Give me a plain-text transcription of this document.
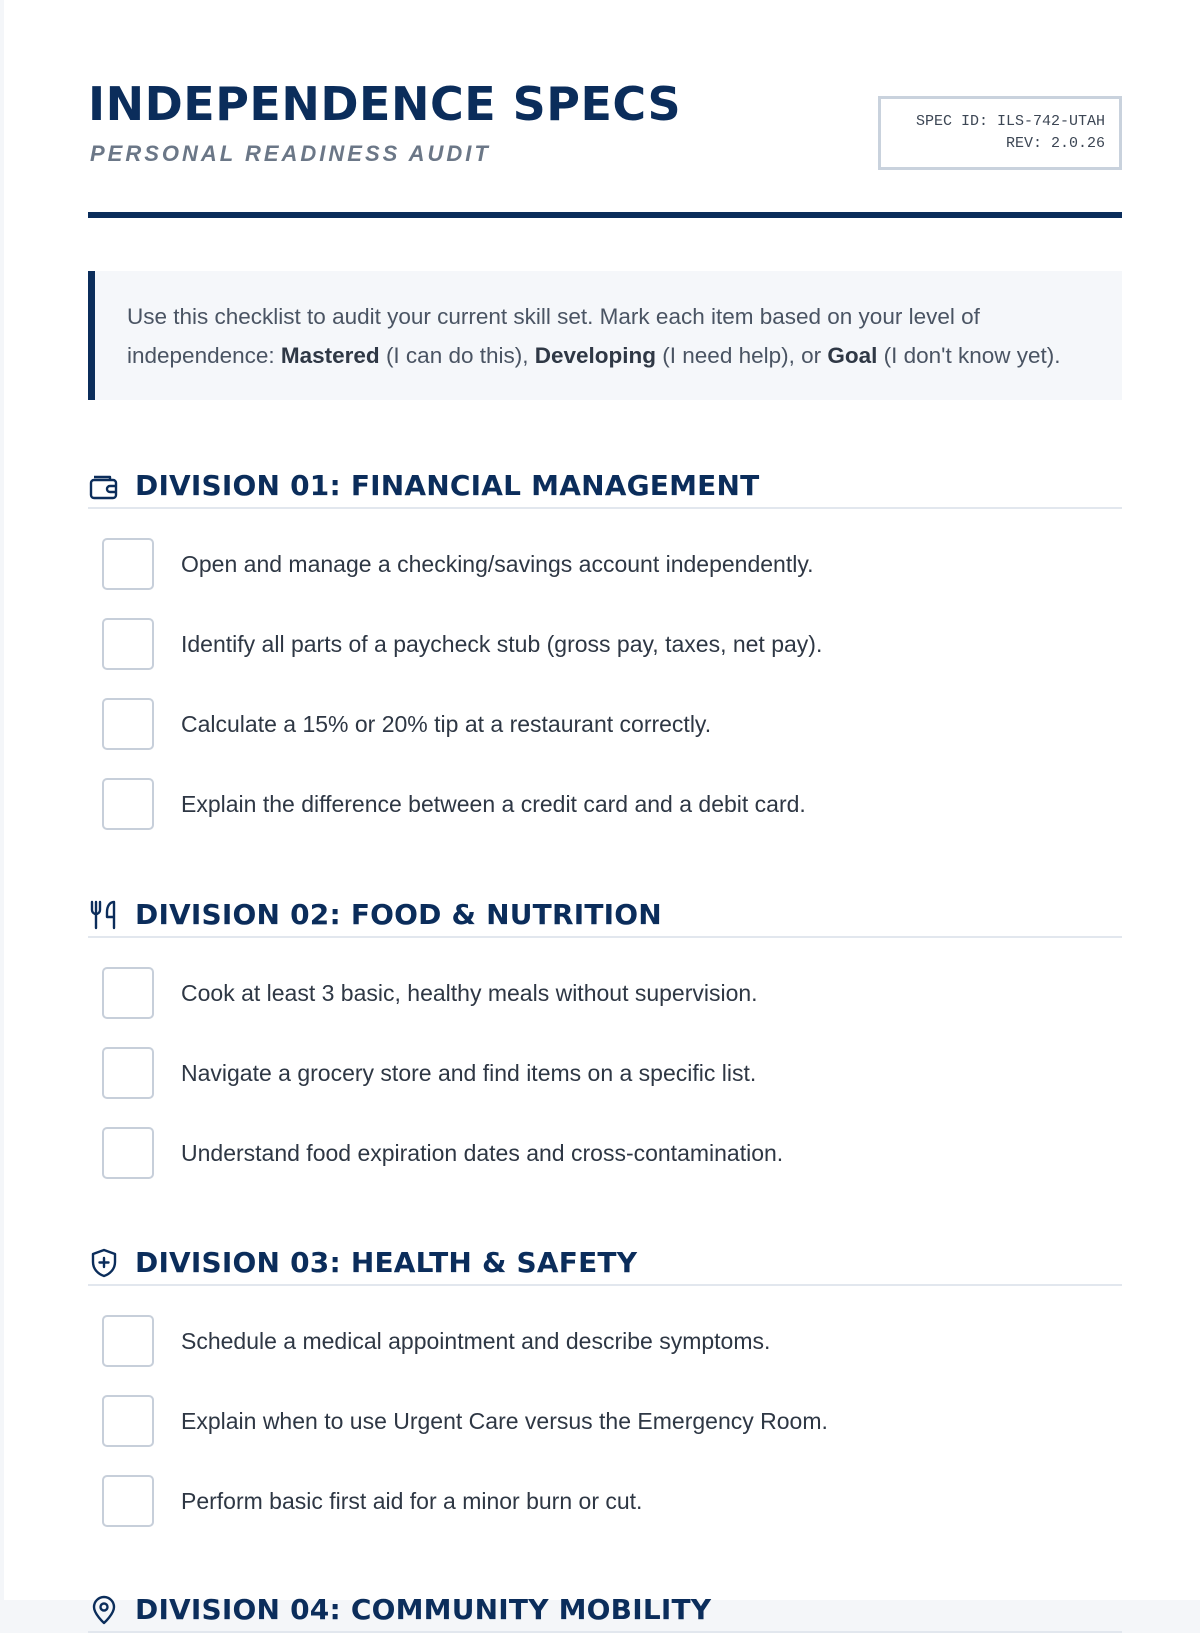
INDEPENDENCE SPECS
PERSONAL READINESS AUDIT
SPEC ID: ILS-742-UTAH
REV: 2.0.26
Use this checklist to audit your current skill set. Mark each item based on your level of independence: Mastered (I can do this), Developing (I need help), or Goal (I don't know yet).
DIVISION 01: FINANCIAL MANAGEMENT
Open and manage a checking/savings account independently.
Identify all parts of a paycheck stub (gross pay, taxes, net pay).
Calculate a 15% or 20% tip at a restaurant correctly.
Explain the difference between a credit card and a debit card.
DIVISION 02: FOOD & NUTRITION
Cook at least 3 basic, healthy meals without supervision.
Navigate a grocery store and find items on a specific list.
Understand food expiration dates and cross-contamination.
DIVISION 03: HEALTH & SAFETY
Schedule a medical appointment and describe symptoms.
Explain when to use Urgent Care versus the Emergency Room.
Perform basic first aid for a minor burn or cut.
DIVISION 04: COMMUNITY MOBILITY
